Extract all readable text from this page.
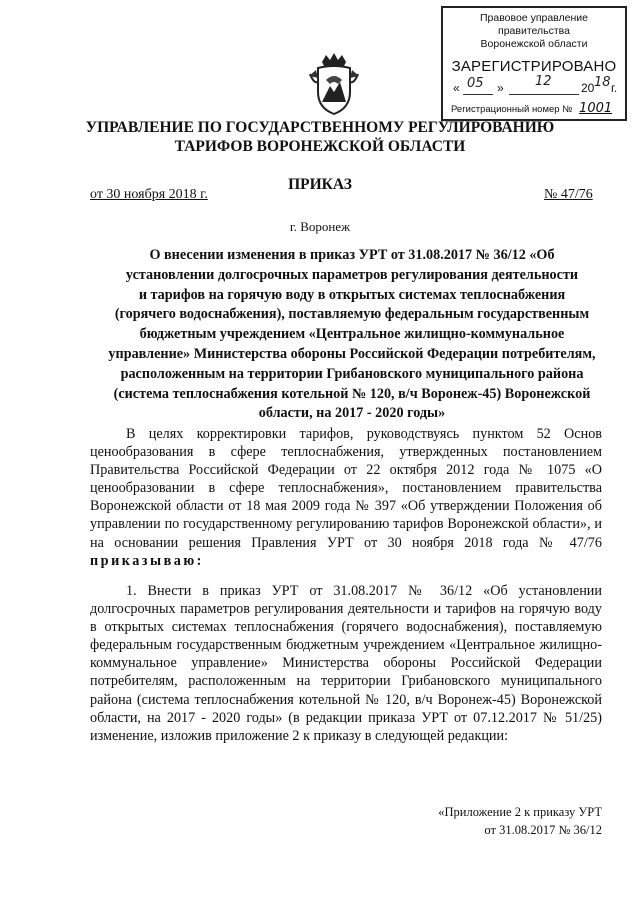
Правовое управление правительства
Воронежской области
ЗАРЕГИСТРИРОВАНО
« 05 » 12 20 18 г.
Регистрационный номер № 1001
УПРАВЛЕНИЕ ПО ГОСУДАРСТВЕННОМУ РЕГУЛИРОВАНИЮ
ТАРИФОВ ВОРОНЕЖСКОЙ ОБЛАСТИ
ПРИКАЗ
от 30 ноября 2018 г.	№ 47/76
г. Воронеж
О внесении изменения в приказ УРТ от 31.08.2017 № 36/12 «Об
установлении долгосрочных параметров регулирования деятельности
и тарифов на горячую воду в открытых системах теплоснабжения
(горячего водоснабжения), поставляемую федеральным государственным
бюджетным учреждением «Центральное жилищно-коммунальное
управление» Министерства обороны Российской Федерации потребителям,
расположенным на территории Грибановского муниципального района
(система теплоснабжения котельной № 120, в/ч Воронеж-45) Воронежской
области, на 2017 - 2020 годы»
В целях корректировки тарифов, руководствуясь пунктом 52 Основ ценообразования в сфере теплоснабжения, утвержденных постановлением Правительства Российской Федерации от 22 октября 2012 года № 1075 «О ценообразовании в сфере теплоснабжения», постановлением правительства Воронежской области от 18 мая 2009 года № 397 «Об утверждении Положения об управлении по государственному регулированию тарифов Воронежской области», и на основании решения Правления УРТ от 30 ноября 2018 года № 47/76 приказываю:
1. Внести в приказ УРТ от 31.08.2017 № 36/12 «Об установлении долгосрочных параметров регулирования деятельности и тарифов на горячую воду в открытых системах теплоснабжения (горячего водоснабжения), поставляемую федеральным государственным бюджетным учреждением «Центральное жилищно-коммунальное управление» Министерства обороны Российской Федерации потребителям, расположенным на территории Грибановского муниципального района (система теплоснабжения котельной № 120, в/ч Воронеж-45) Воронежской области, на 2017 - 2020 годы» (в редакции приказа УРТ от 07.12.2017 № 51/25) изменение, изложив приложение 2 к приказу в следующей редакции:
«Приложение 2 к приказу УРТ
от 31.08.2017 № 36/12
